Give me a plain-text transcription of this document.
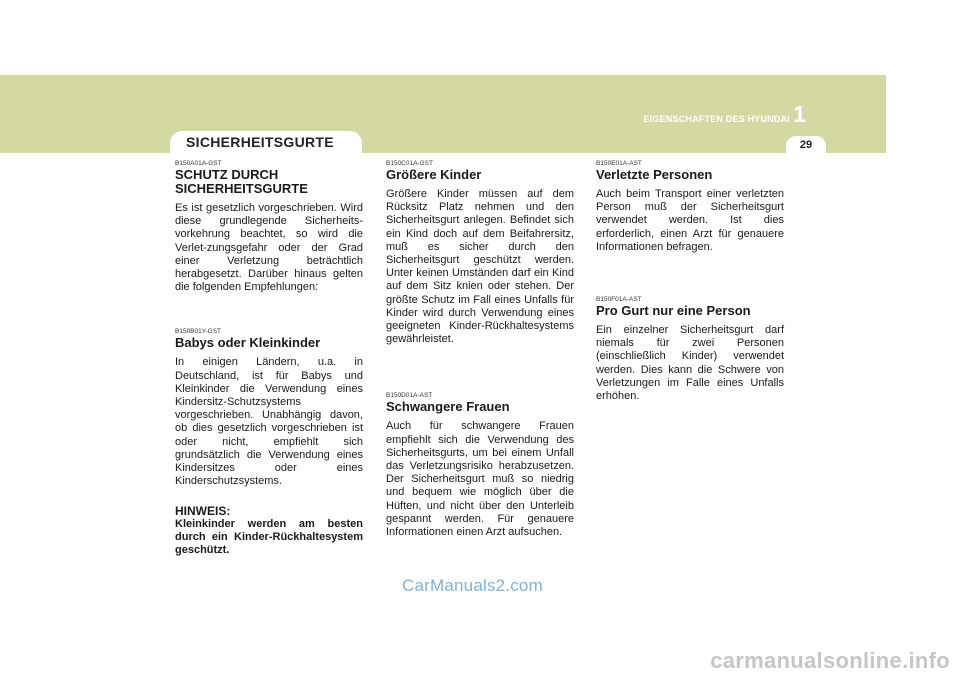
EIGENSCHAFTEN DES HYUNDAI 1
29
SICHERHEITSGURTE

B150A01A-GST

SCHUTZ DURCH SICHERHEITSGURTE

Es ist gesetzlich vorgeschrieben. Wird diese grundlegende Sicherheits-vorkehrung beachtet, so wird die Verlet-zungsgefahr oder der Grad einer Verletzung beträchtlich herabgesetzt. Darüber hinaus gelten die folgenden Empfehlungen:

B150B01Y-GST

Babys oder Kleinkinder

In einigen Ländern, u.a. in Deutschland, ist für Babys und Kleinkinder die Verwendung eines Kindersitz-Schutzsystems vorgeschrieben. Unabhängig davon, ob dies gesetzlich vorgeschrieben ist oder nicht, empfiehlt sich grundsätzlich die Verwendung eines Kindersitzes oder eines Kinderschutzsystems.

HINWEIS:

Kleinkinder werden am besten durch ein Kinder-Rückhaltesystem geschützt.

B150C01A-GST

Größere Kinder

Größere Kinder müssen auf dem Rücksitz Platz nehmen und den Sicherheitsgurt anlegen. Befindet sich ein Kind doch auf dem Beifahrersitz, muß es sicher durch den Sicherheitsgurt geschützt werden. Unter keinen Umständen darf ein Kind auf dem Sitz knien oder stehen. Der größte Schutz im Fall eines Unfalls für Kinder wird durch Verwendung eines geeigneten Kinder-Rückhaltesystems gewährleistet.

B150D01A-AST

Schwangere Frauen

Auch für schwangere Frauen empfiehlt sich die Verwendung des Sicherheitsgurts, um bei einem Unfall das Verletzungsrisiko herabzusetzen. Der Sicherheitsgurt muß so niedrig und bequem wie möglich über die Hüften, und nicht über den Unterleib gespannt werden. Für genauere Informationen einen Arzt aufsuchen.

B150E01A-AST

Verletzte Personen

Auch beim Transport einer verletzten Person muß der Sicherheitsgurt verwendet werden. Ist dies erforderlich, einen Arzt für genauere Informationen befragen.

B150F01A-AST

Pro Gurt nur eine Person

Ein einzelner Sicherheitsgurt darf niemals für zwei Personen (einschließlich Kinder) verwendet werden. Dies kann die Schwere von Verletzungen im Falle eines Unfalls erhöhen.

CarManuals2.com
carmanualsonline.info
